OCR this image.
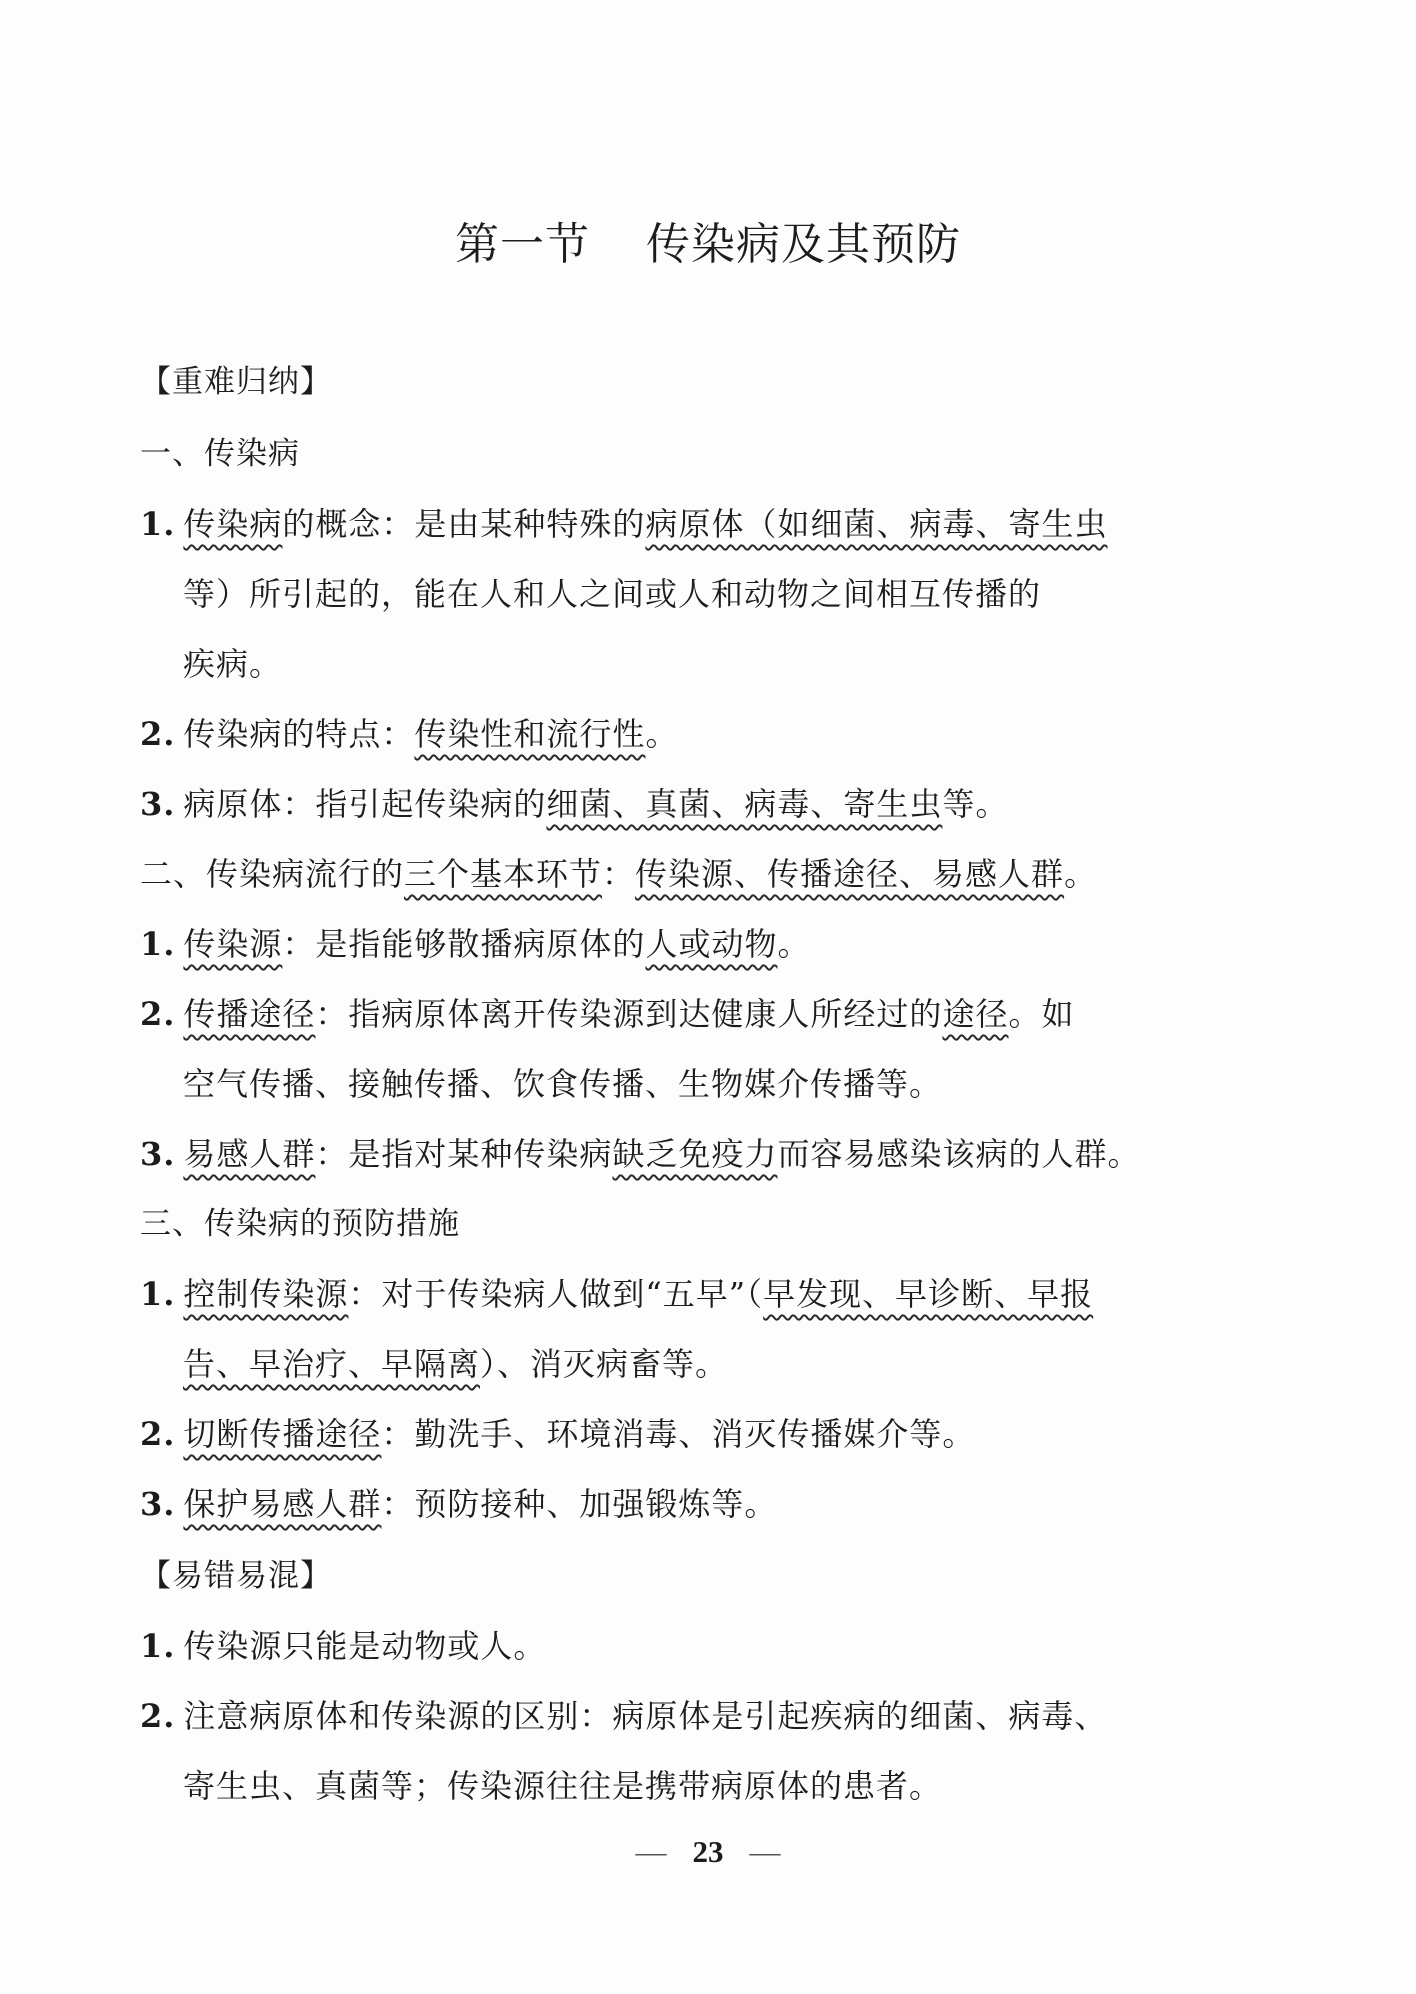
第一节 传染病及其预防
【重难归纳】
一、传染病
1. 传染病的概念：是由某种特殊的病原体（如细菌、病毒、寄生虫
等）所引起的，能在人和人之间或人和动物之间相互传播的
疾病。
2. 传染病的特点：传染性和流行性。
3. 病原体：指引起传染病的细菌、真菌、病毒、寄生虫等。
二、传染病流行的三个基本环节：传染源、传播途径、易感人群。
1. 传染源：是指能够散播病原体的人或动物。
2. 传播途径：指病原体离开传染源到达健康人所经过的途径。如
空气传播、接触传播、饮食传播、生物媒介传播等。
3. 易感人群：是指对某种传染病缺乏免疫力而容易感染该病的人群。
三、传染病的预防措施
1. 控制传染源：对于传染病人做到“五早”（早发现、早诊断、早报
告、早治疗、早隔离）、消灭病畜等。
2. 切断传播途径：勤洗手、环境消毒、消灭传播媒介等。
3. 保护易感人群：预防接种、加强锻炼等。
【易错易混】
1. 传染源只能是动物或人。
2. 注意病原体和传染源的区别：病原体是引起疾病的细菌、病毒、
寄生虫、真菌等；传染源往往是携带病原体的患者。
— 23 —
